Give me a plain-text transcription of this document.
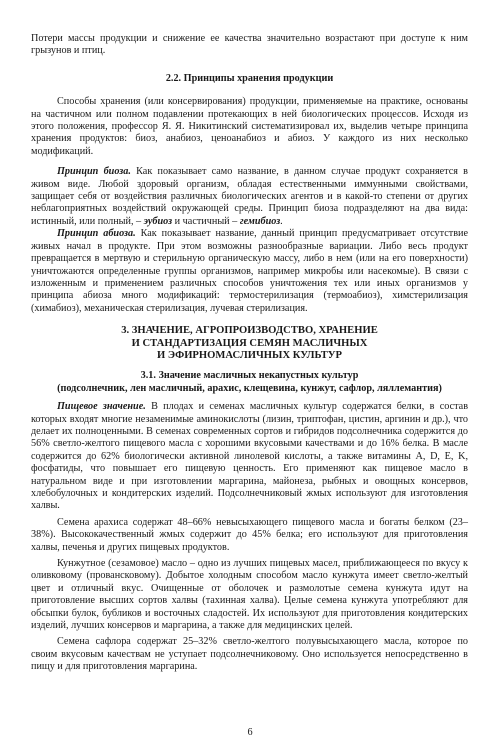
Потери массы продукции и снижение ее качества значительно возрастают при доступе к ним грызунов и птиц.

2.2. Принципы хранения продукции

Способы хранения (или консервирования) продукции, применяемые на практике, основаны на частичном или полном подавлении протекающих в ней биологических процессов. Исходя из этого положения, профессор Я. Я. Никитинский систематизировал их, выделив четыре принципа хранения продуктов: биоз, анабиоз, ценоанабиоз и абиоз. У каждого из них несколько модификаций.

Принцип биоза. Как показывает само название, в данном случае продукт сохраняется в живом виде. Любой здоровый организм, обладая естественными иммунными свойствами, защищает себя от воздействия различных биологических агентов и в какой-то степени от других неблагоприятных воздействий окружающей среды. Принцип биоза подразделяют на два вида: истинный, или полный, – эубиоз и частичный – гемибиоз.

Принцип абиоза. Как показывает название, данный принцип предусматривает отсутствие живых начал в продукте. При этом возможны разнообразные вариации. Либо весь продукт превращается в мертвую и стерильную органическую массу, либо в нем (или на его поверхности) уничтожаются определенные группы организмов, например микробы или насекомые). В связи с изложенным и применением различных способов уничтожения тех или иных организмов у принципа абиоза много модификаций: термостерилизация (термоабиоз), химстерилизация (химабиоз), механическая стерилизация, лучевая стерилизация.

3. ЗНАЧЕНИЕ, АГРОПРОИЗВОДСТВО, ХРАНЕНИЕ
И СТАНДАРТИЗАЦИЯ СЕМЯН МАСЛИЧНЫХ
И ЭФИРНОМАСЛИЧНЫХ КУЛЬТУР
3.1. Значение масличных некапустных культур
(подсолнечник, лен масличный, арахис, клещевина, кунжут, сафлор, ляллемантия)

Пищевое значение. В плодах и семенах масличных культур содержатся белки, в состав которых входят многие незаменимые аминокислоты (лизин, триптофан, цистин, аргинин и др.), что делает их полноценными. В семенах современных сортов и гибридов подсолнечника содержится до 56% светло-желтого пищевого масла с хорошими вкусовыми качествами и до 16% белка. В масле содержится до 62% биологически активной линолевой кислоты, а также витамины A, D, E, K, фосфатиды, что повышает его пищевую ценность. Его применяют как пищевое масло в натуральном виде и при изготовлении маргарина, майонеза, рыбных и овощных консервов, хлебобулочных и кондитерских изделий. Подсолнечниковый жмых используют для изготовления халвы.

Семена арахиса содержат 48–66% невысыхающего пищевого масла и богаты белком (23–38%). Высококачественный жмых содержит до 45% белка; его используют для приготовления халвы, печенья и других пищевых продуктов.

Кунжутное (сезамовое) масло – одно из лучших пищевых масел, приближающееся по вкусу к оливковому (провансковому). Добытое холодным способом масло кунжута имеет светло-желтый цвет и отличный вкус. Очищенные от оболочек и размолотые семена кунжута идут на приготовление высших сортов халвы (тахинная халва). Целые семена кунжута употребляют для обсыпки булок, бубликов и восточных сладостей. Их используют для приготовления кондитерских изделий, лучших консервов и маргарина, а также для медицинских целей.

Семена сафлора содержат 25–32% светло-желтого полувысыхающего масла, которое по своим вкусовым качествам не уступает подсолнечниковому. Оно используется непосредственно в пищу и для приготовления маргарина.

6
